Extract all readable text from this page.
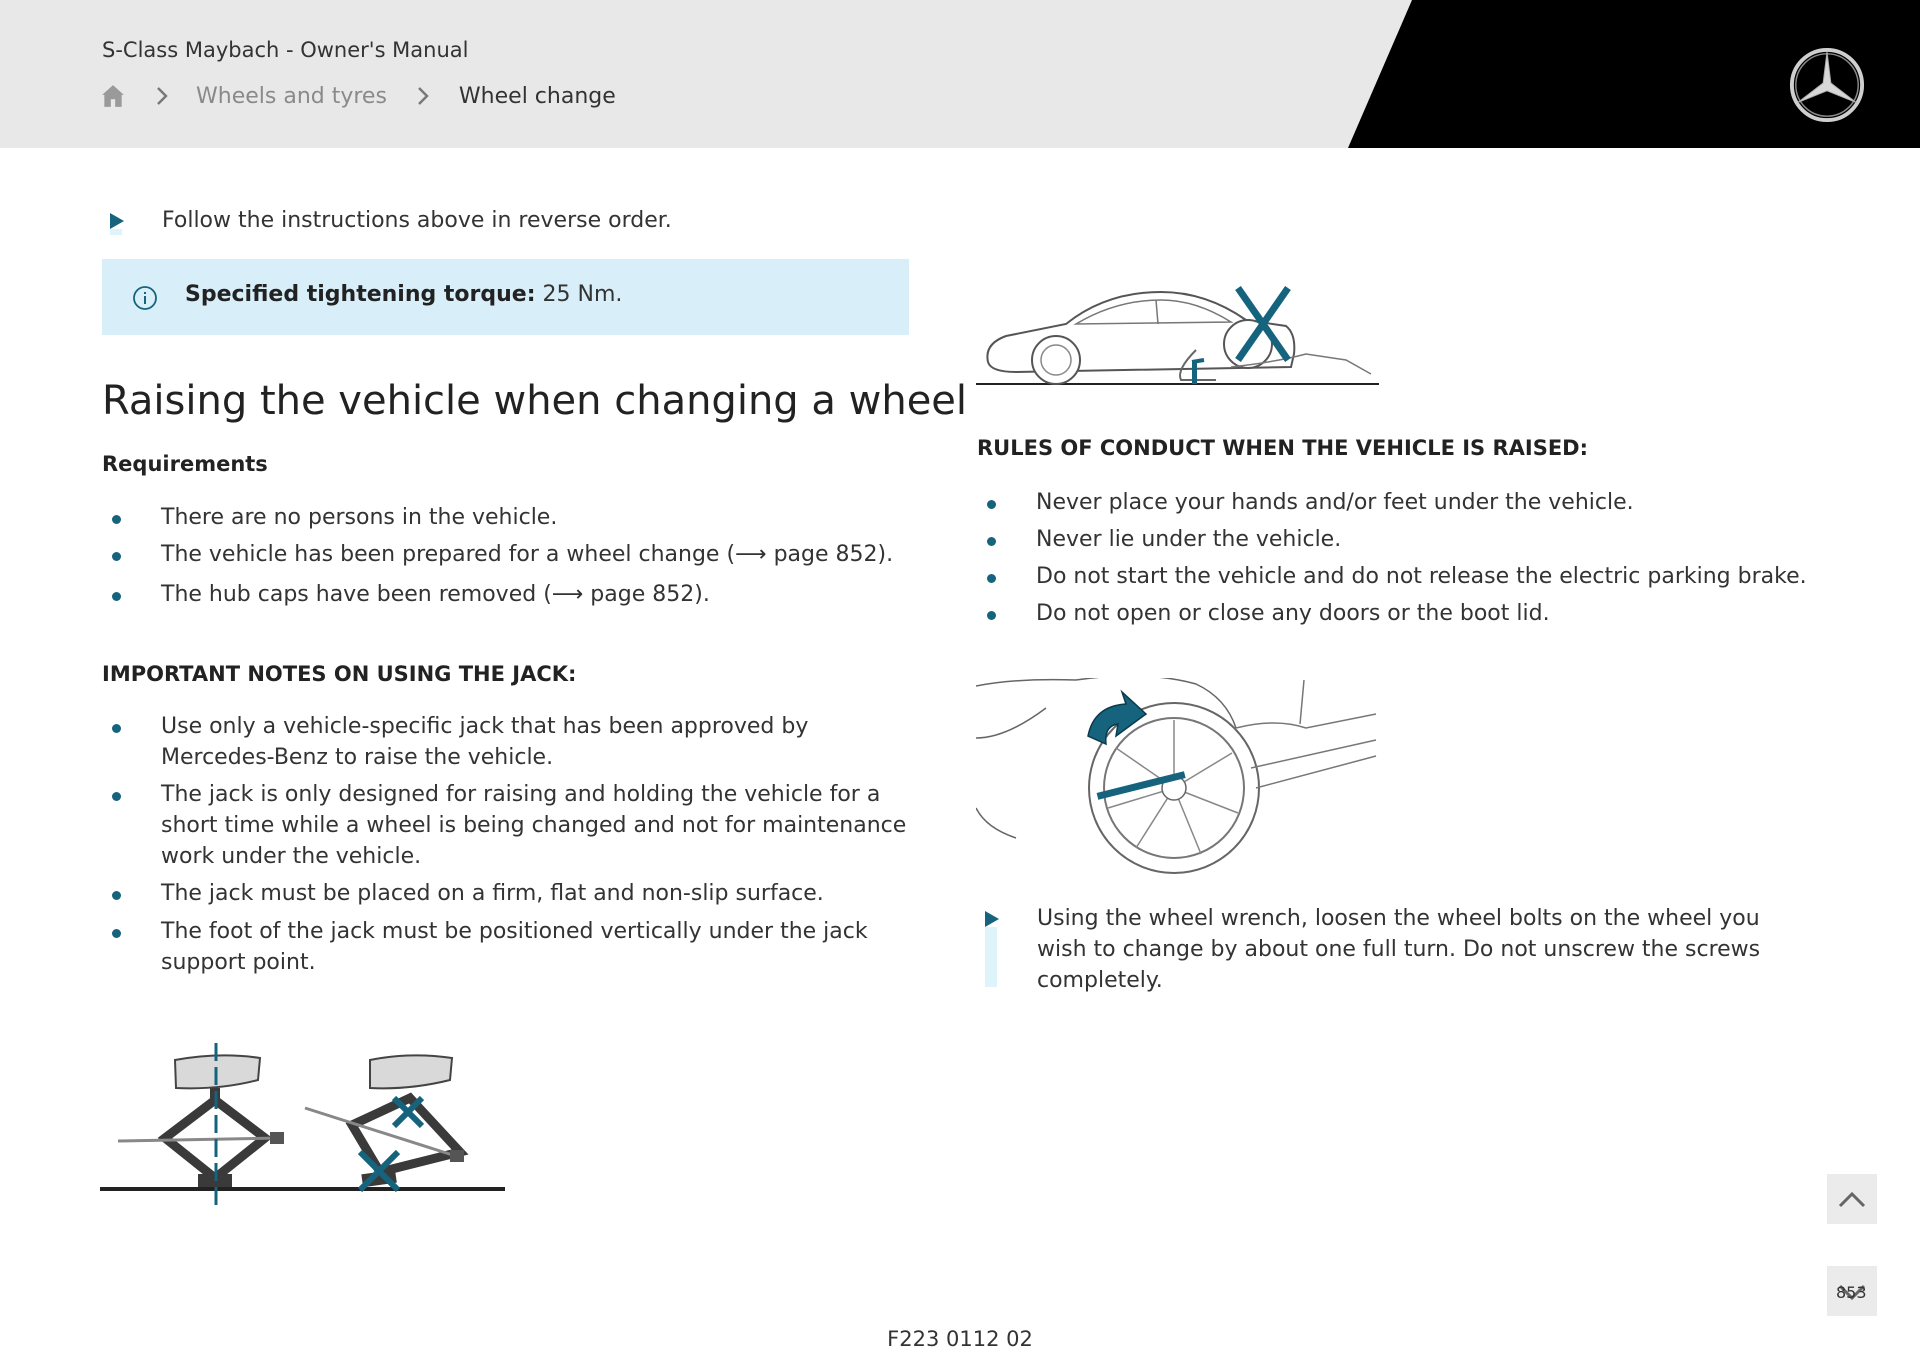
S-Class Maybach - Owner's Manual
Wheels and tyres	Wheel change
Follow the instructions above in reverse order.
Specified tightening torque: 25 Nm.
Raising the vehicle when changing a wheel
Requirements
There are no persons in the vehicle.
The vehicle has been prepared for a wheel change (⟶ page 852).
The hub caps have been removed (⟶ page 852).
IMPORTANT NOTES ON USING THE JACK:
Use only a vehicle-specific jack that has been approved by Mercedes-Benz to raise the vehicle.
The jack is only designed for raising and holding the vehicle for a short time while a wheel is being changed and not for maintenance work under the vehicle.
The jack must be placed on a firm, flat and non-slip surface.
The foot of the jack must be positioned vertically under the jack support point.
RULES OF CONDUCT WHEN THE VEHICLE IS RAISED:
Never place your hands and/or feet under the vehicle.
Never lie under the vehicle.
Do not start the vehicle and do not release the electric parking brake.
Do not open or close any doors or the boot lid.
Using the wheel wrench, loosen the wheel bolts on the wheel you wish to change by about one full turn. Do not unscrew the screws completely.
853
F223 0112 02
